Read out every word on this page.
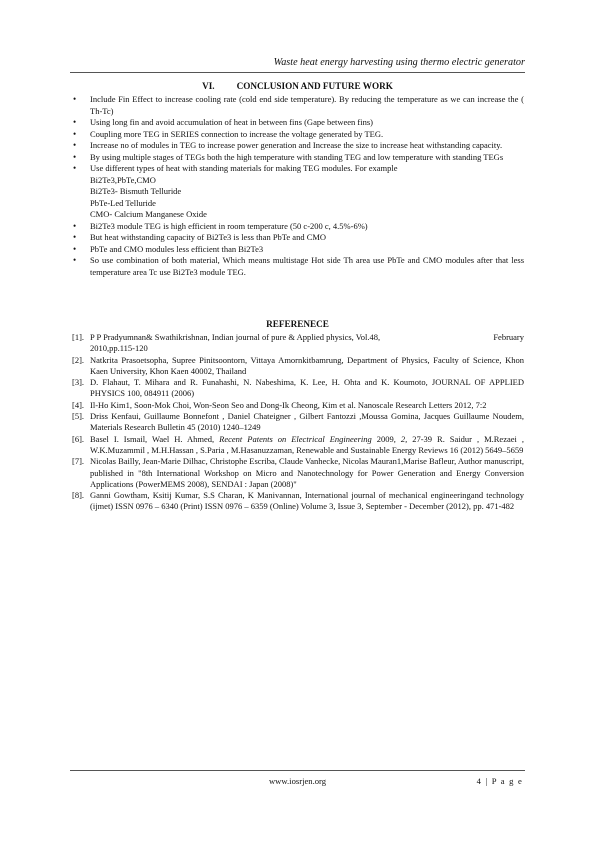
Waste heat energy harvesting using thermo electric generator
VI. CONCLUSION AND FUTURE WORK
• Include Fin Effect to increase cooling rate (cold end side temperature). By reducing the temperature as we can increase the ( Th-Tc)
• Using long fin and avoid accumulation of heat in between fins (Gape between fins)
• Coupling more TEG in SERIES connection to increase the voltage generated by TEG.
• Increase no of modules in TEG to increase power generation and Increase the size to increase heat withstanding capacity.
• By using multiple stages of TEGs both the high temperature with standing TEG and low temperature with standing TEGs
• Use different types of heat with standing materials for making TEG modules. For example
Bi2Te3,PbTe,CMO
Bi2Te3- Bismuth Telluride
PbTe-Led Telluride
CMO- Calcium Manganese Oxide
• Bi2Te3 module TEG is high efficient in room temperature (50 c-200 c, 4.5%-6%)
• But heat withstanding capacity of Bi2Te3 is less than PbTe and CMO
• PbTe and CMO modules less efficient than Bi2Te3
• So use combination of both material, Which means multistage Hot side Th area use PbTe and CMO modules after that less temperature area Tc use Bi2Te3 module TEG.
REFERENECE
[1]. P P Pradyumnan& Swathikrishnan, Indian journal of pure & Applied physics, Vol.48,	February
2010,pp.115-120
[2]. Natkrita Prasoetsopha, Supree Pinitsoontorn, Vittaya Amornkitbamrung, Department of Physics, Faculty of Science, Khon Kaen University, Khon Kaen 40002, Thailand
[3]. D. Flahaut, T. Mihara and R. Funahashi, N. Nabeshima, K. Lee, H. Ohta and K. Koumoto, JOURNAL OF APPLIED PHYSICS 100, 084911 (2006)
[4]. Il-Ho Kim1, Soon-Mok Choi, Won-Seon Seo and Dong-Ik Cheong, Kim et al. Nanoscale Research Letters 2012, 7:2
[5]. Driss Kenfaui, Guillaume Bonnefont , Daniel Chateigner , Gilbert Fantozzi ,Moussa Gomina, Jacques Guillaume Noudem, Materials Research Bulletin 45 (2010) 1240–1249
[6]. Basel I. Ismail, Wael H. Ahmed, Recent Patents on Electrical Engineering 2009, 2, 27-39 R. Saidur , M.Rezaei , W.K.Muzammil , M.H.Hassan , S.Paria , M.Hasanuzzaman, Renewable and Sustainable Energy Reviews 16 (2012) 5649–5659
[7]. Nicolas Bailly, Jean-Marie Dilhac, Christophe Escriba, Claude Vanhecke, Nicolas Mauran1,Marise Bafleur, Author manuscript, published in "8th International Workshop on Micro and Nanotechnology for Power Generation and Energy Conversion Applications (PowerMEMS 2008), SENDAI : Japan (2008)"
[8]. Ganni Gowtham, Ksitij Kumar, S.S Charan, K Manivannan, International journal of mechanical engineeringand technology (ijmet) ISSN 0976 – 6340 (Print) ISSN 0976 – 6359 (Online) Volume 3, Issue 3, September - December (2012), pp. 471-482
www.iosrjen.org	4 | P a g e
